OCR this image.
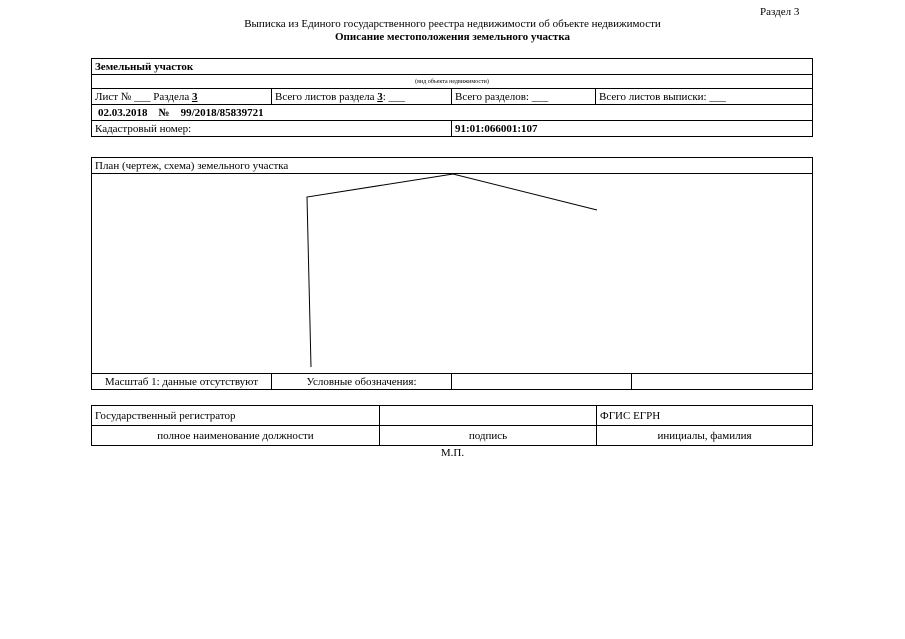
Раздел 3
Выписка из Единого государственного реестра недвижимости об объекте недвижимости
Описание местоположения земельного участка
Земельный участок			
(вид объекта недвижимости)			
Лист № ___ Раздела 3	Всего листов раздела 3: ___	Всего разделов: ___	Всего листов выписки: ___
02.03.2018 № 99/2018/85839721			
Кадастровый номер:		91:01:066001:107	
План (чертеж, схема) земельного участка

Масштаб 1: данные отсутствуют	Условные обозначения:		
Государственный регистратор		ФГИС ЕГРН
полное наименование должности	подпись	инициалы, фамилия
М.П.
